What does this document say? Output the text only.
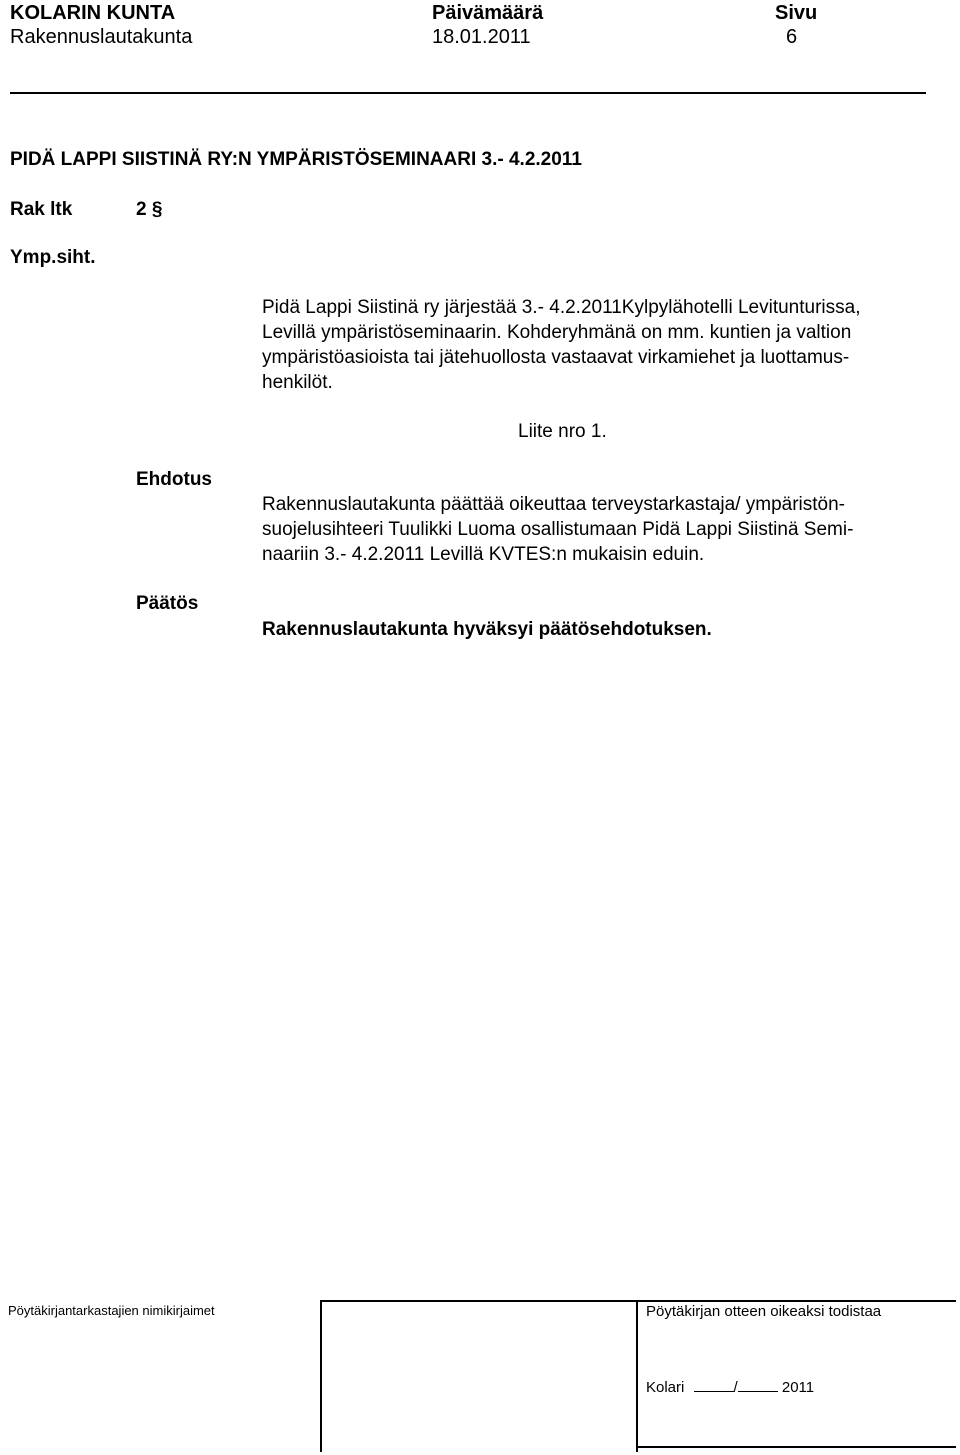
KOLARIN KUNTA
Rakennuslautakunta
Päivämäärä
18.01.2011
Sivu
6
PIDÄ LAPPI SIISTINÄ RY:N YMPÄRISTÖSEMINAARI 3.- 4.2.2011
Rak ltk	2 §
Ymp.siht.
Pidä Lappi Siistinä ry järjestää 3.- 4.2.2011Kylpylähotelli Levitunturissa,
Levillä ympäristöseminaarin. Kohderyhmänä on mm. kuntien ja valtion
ympäristöasioista tai jätehuollosta vastaavat virkamiehet ja luottamus-
henkilöt.
Liite nro 1.
Ehdotus
Rakennuslautakunta päättää oikeuttaa terveystarkastaja/ ympäristön-
suojelusihteeri Tuulikki Luoma osallistumaan Pidä Lappi Siistinä Semi-
naariin 3.- 4.2.2011 Levillä KVTES:n mukaisin eduin.
Päätös
Rakennuslautakunta hyväksyi päätösehdotuksen.
Pöytäkirjantarkastajien nimikirjaimet	Pöytäkirjan otteen oikeaksi todistaa
Kolari	/	2011
